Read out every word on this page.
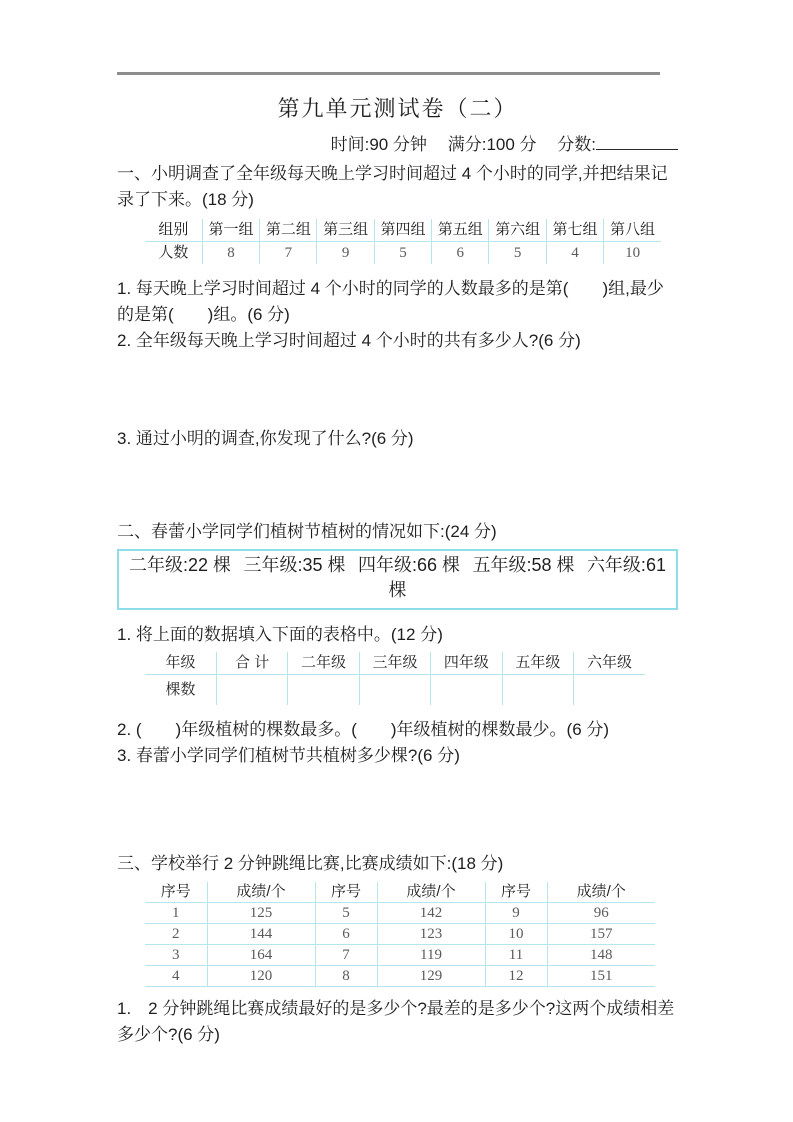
第九单元测试卷（二）
时间:90 分钟 满分:100 分 分数:

一、小明调查了全年级每天晚上学习时间超过 4 个小时的同学,并把结果记录了下来。(18 分)

组别	第一组	第二组	第三组	第四组	第五组	第六组	第七组	第八组
人数	8	7	9	5	6	5	4	10

1. 每天晚上学习时间超过 4 个小时的同学的人数最多的是第(　　)组,最少的是第(　　)组。(6 分)

2. 全年级每天晚上学习时间超过 4 个小时的共有多少人?(6 分)

3. 通过小明的调查,你发现了什么?(6 分)

二、春蕾小学同学们植树节植树的情况如下:(24 分)

二年级:22 棵 三年级:35 棵 四年级:66 棵 五年级:58 棵 六年级:61
棵

1. 将上面的数据填入下面的表格中。(12 分)

年级	合 计	二年级	三年级	四年级	五年级	六年级
棵数						

2. (　　)年级植树的棵数最多。(　　)年级植树的棵数最少。(6 分)

3. 春蕾小学同学们植树节共植树多少棵?(6 分)

三、学校举行 2 分钟跳绳比赛,比赛成绩如下:(18 分)

序号	成绩/个	序号	成绩/个	序号	成绩/个
1	125	5	142	9	96
2	144	6	123	10	157
3	164	7	119	11	148
4	120	8	129	12	151

1.　2 分钟跳绳比赛成绩最好的是多少个?最差的是多少个?这两个成绩相差多少个?(6 分)
